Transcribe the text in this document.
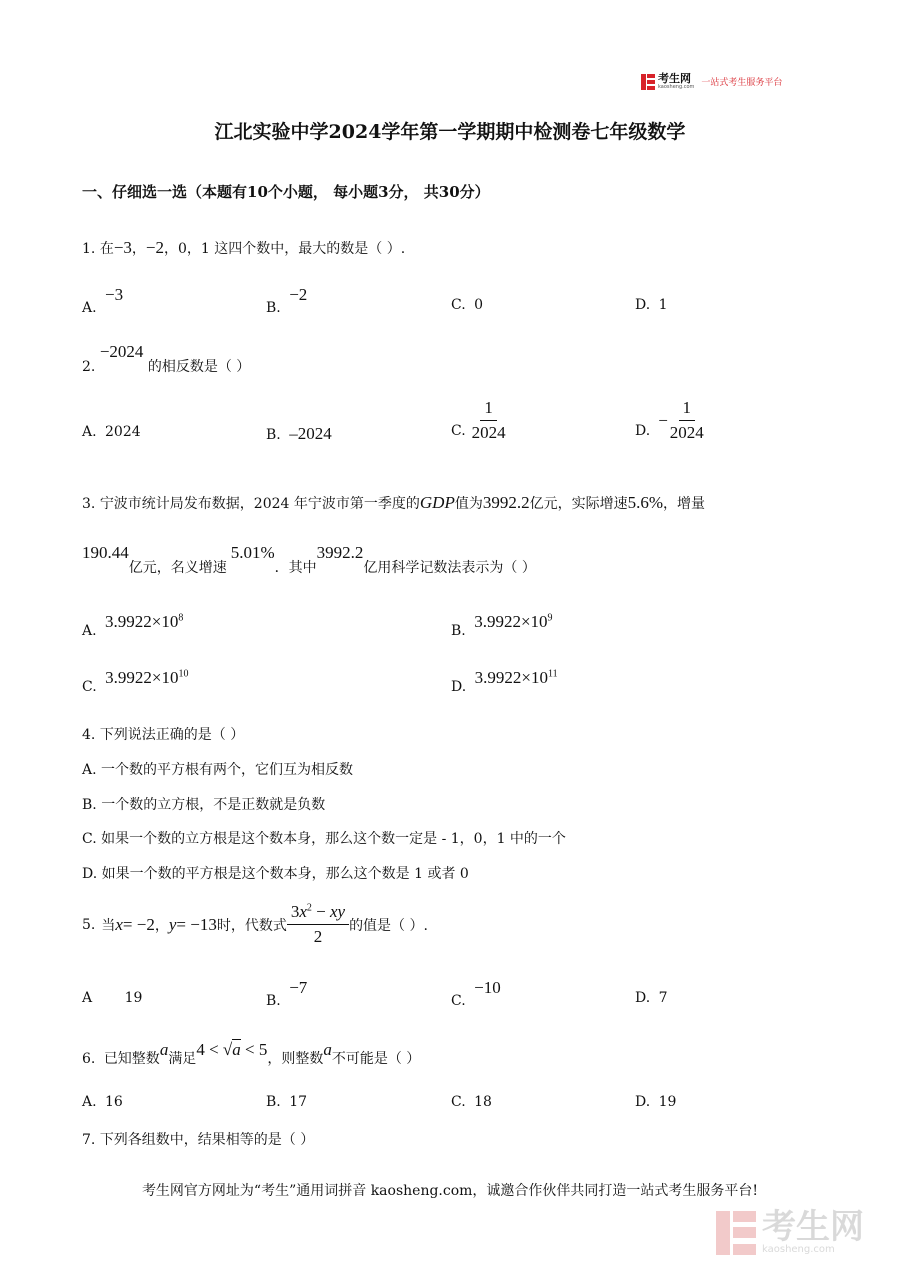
考生网
kaosheng.com 一站式考生服务平台
江北实验中学2024学年第一学期期中检测卷七年级数学
一、仔细选一选（本题有10个小题， 每小题3分， 共30分）
1. 在−3，−2，0，1 这四个数中，最大的数是（ ）.
A. −3
B. −2
C. 0	D. 1
2. −2024 的相反数是（ ）
A. 2024	B. –2024	C. $\frac{1}{2024}$	D.
− $\frac{1}{2024}$
3. 宁波市统计局发布数据，2024 年宁波市第一季度的GDP值为3992.2亿元，实际增速5.6%，增量
190.44亿元，名义增速5.01%．其中3992.2亿用科学记数法表示为（ ）
A. $3.9922\times 10^8$
B. $3.9922\times 10^9$
C. $3.9922\times 10^{10}$
D. $3.9922\times 10^{11}$
4. 下列说法正确的是（ ）
A. 一个数的平方根有两个，它们互为相反数
B. 一个数的立方根，不是正数就是负数
C. 如果一个数的立方根是这个数本身，那么这个数一定是 - 1，0，1 中的一个
D. 如果一个数的平方根是这个数本身，那么这个数是 1 或者 0
5. 当 x = −2 ， y = −13 时，代数式 $\frac{3x^2 - xy}{2}$ 的值是（ ）.
A 19	B. −7
C. −10
D. 7
6. 已知整数a满足4 < √a < 5，则整数a不可能是（ ）
A. 16	B. 17	C. 18	D. 19
7. 下列各组数中，结果相等的是（ ）
考生网官方网址为“考生”通用词拼音 kaosheng.com，诚邀合作伙伴共同打造一站式考生服务平台!
考生网
kaosheng.com
